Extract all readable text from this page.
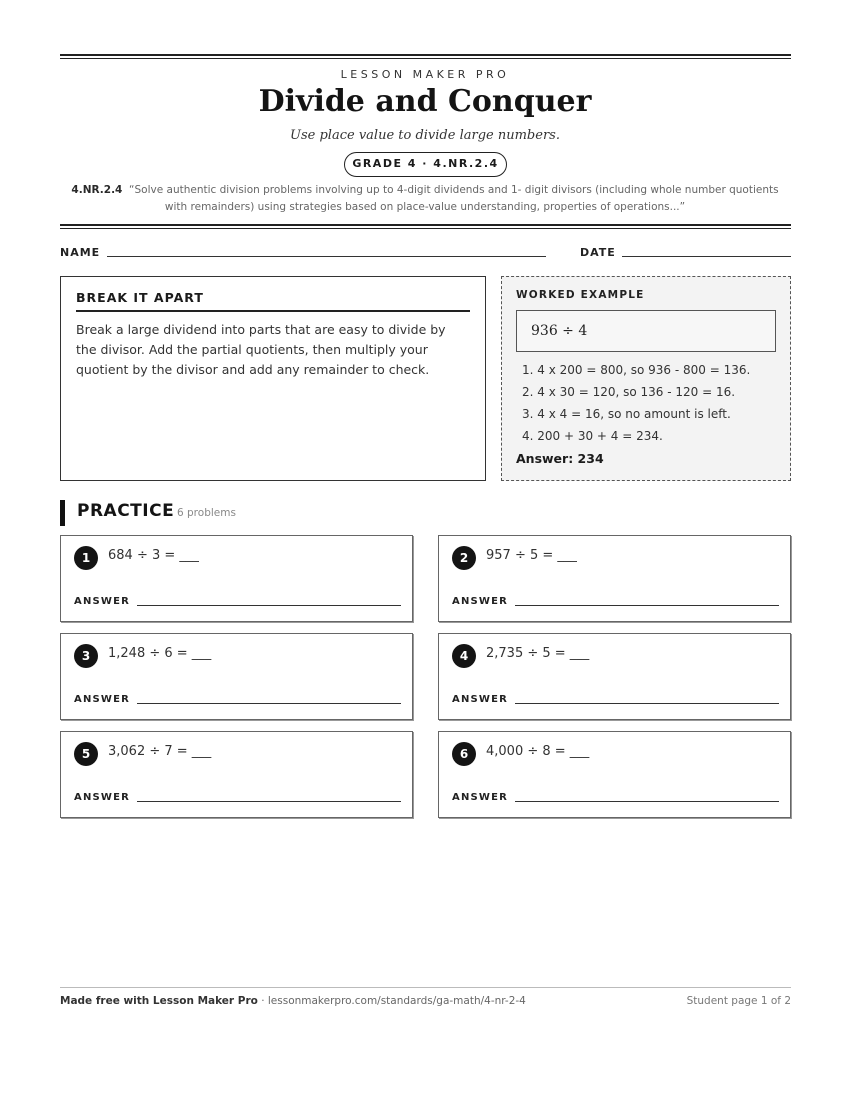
LESSON MAKER PRO
Divide and Conquer
Use place value to divide large numbers.
GRADE 4 · 4.NR.2.4
4.NR.2.4 “Solve authentic division problems involving up to 4-digit dividends and 1- digit divisors (including whole number quotients with remainders) using strategies based on place-value understanding, properties of operations...”
NAME	DATE
BREAK IT APART

Break a large dividend into parts that are easy to divide by the divisor. Add the partial quotients, then multiply your quotient by the divisor and add any remainder to check.

WORKED EXAMPLE
936 ÷ 4
1. 4 x 200 = 800, so 936 - 800 = 136.
2. 4 x 30 = 120, so 136 - 120 = 16.
3. 4 x 4 = 16, so no amount is left.
4. 200 + 30 + 4 = 234.
Answer: 234
PRACTICE 6 problems
1	684 ÷ 3 = ___
ANSWER
2	957 ÷ 5 = ___
ANSWER
3	1,248 ÷ 6 = ___
ANSWER
4	2,735 ÷ 5 = ___
ANSWER
5	3,062 ÷ 7 = ___
ANSWER
6	4,000 ÷ 8 = ___
ANSWER
Made free with Lesson Maker Pro · lessonmakerpro.com/standards/ga-math/4-nr-2-4	Student page 1 of 2
